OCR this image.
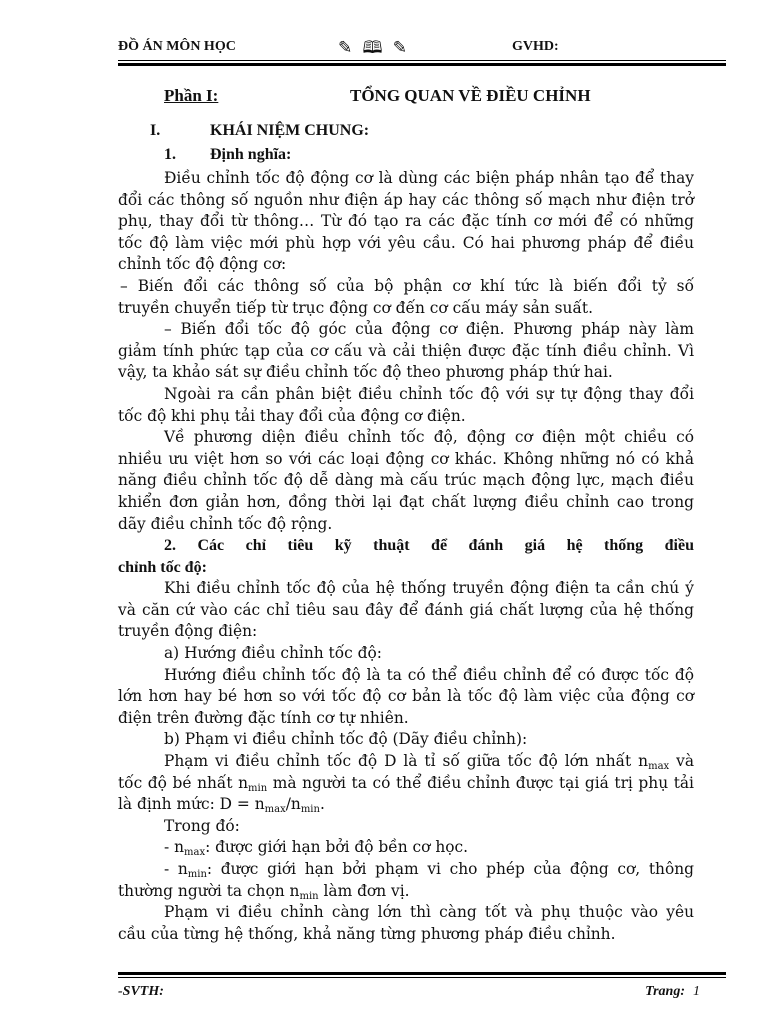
ĐỒ ÁN MÔN HỌC	✎ 🕮 ✎	GVHD:
Phần I:	TỔNG QUAN VỀ ĐIỀU CHỈNH
I.	KHÁI NIỆM CHUNG:
1. Định nghĩa:
Điều chỉnh tốc độ động cơ là dùng các biện pháp nhân tạo để thay
đổi các thông số nguồn như điện áp hay các thông số mạch như điện trở
phụ, thay đổi từ thông… Từ đó tạo ra các đặc tính cơ mới để có những
tốc độ làm việc mới phù hợp với yêu cầu. Có hai phương pháp để điều
chỉnh tốc độ động cơ:
– Biến đổi các thông số của bộ phận cơ khí tức là biến đổi tỷ số
truyền chuyển tiếp từ trục động cơ đến cơ cấu máy sản suất.
– Biến đổi tốc độ góc của động cơ điện. Phương pháp này làm
giảm tính phức tạp của cơ cấu và cải thiện được đặc tính điều chỉnh. Vì
vậy, ta khảo sát sự điều chỉnh tốc độ theo phương pháp thứ hai.
Ngoài ra cần phân biệt điều chỉnh tốc độ với sự tự động thay đổi
tốc độ khi phụ tải thay đổi của động cơ điện.
Về phương diện điều chỉnh tốc độ, động cơ điện một chiều có
nhiều ưu việt hơn so với các loại động cơ khác. Không những nó có khả
năng điều chỉnh tốc độ dễ dàng mà cấu trúc mạch động lực, mạch điều
khiển đơn giản hơn, đồng thời lại đạt chất lượng điều chỉnh cao trong
dãy điều chỉnh tốc độ rộng.
2. Các chỉ tiêu kỹ thuật để đánh giá hệ thống điều
chỉnh tốc độ:
Khi điều chỉnh tốc độ của hệ thống truyền động điện ta cần chú ý
và căn cứ vào các chỉ tiêu sau đây để đánh giá chất lượng của hệ thống
truyền động điện:
a) Hướng điều chỉnh tốc độ:
Hướng điều chỉnh tốc độ là ta có thể điều chỉnh để có được tốc độ
lớn hơn hay bé hơn so với tốc độ cơ bản là tốc độ làm việc của động cơ
điện trên đường đặc tính cơ tự nhiên.
b) Phạm vi điều chỉnh tốc độ (Dãy điều chỉnh):
Phạm vi điều chỉnh tốc độ D là tỉ số giữa tốc độ lớn nhất $n_{max}$ và
tốc độ bé nhất $n_{min}$ mà người ta có thể điều chỉnh được tại giá trị phụ tải
là định mức: $D = n_{max}/n_{min}$.
Trong đó:
- $n_{max}$: được giới hạn bởi độ bền cơ học.
- $n_{min}$: được giới hạn bởi phạm vi cho phép của động cơ, thông
thường người ta chọn $n_{min}$ làm đơn vị.
Phạm vi điều chỉnh càng lớn thì càng tốt và phụ thuộc vào yêu
cầu của từng hệ thống, khả năng từng phương pháp điều chỉnh.
-SVTH:	Trang: 1
